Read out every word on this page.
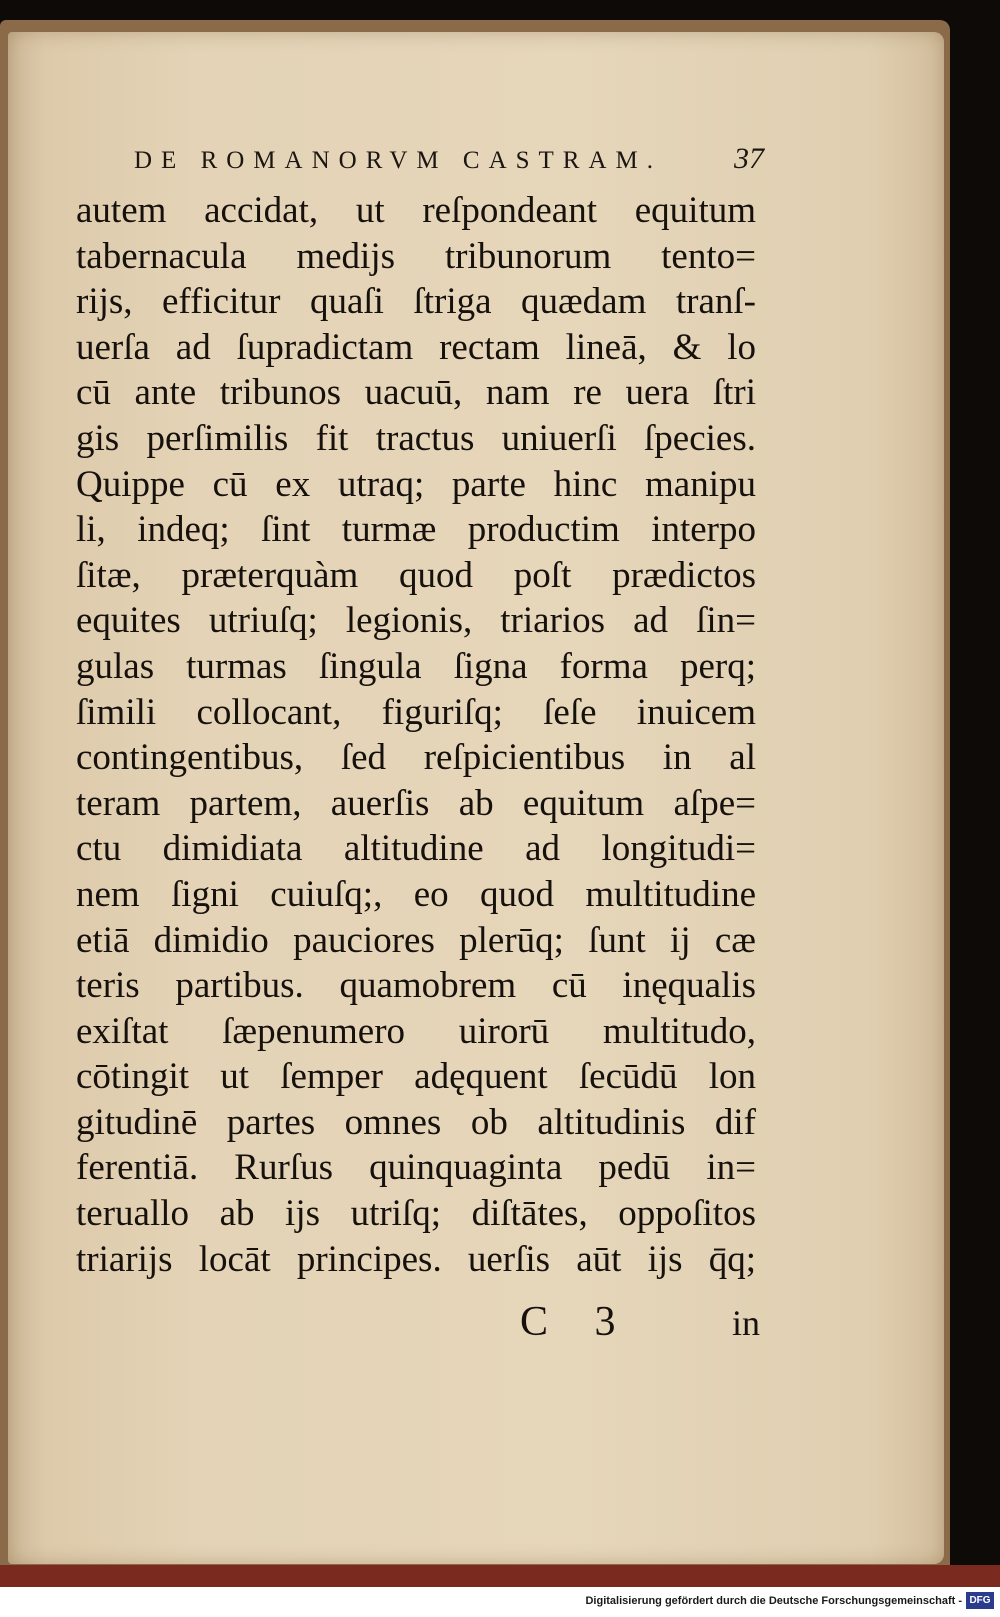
DE ROMANORVM CASTRAM. 37
autem accidat, ut reſpondeant equitum
tabernacula medijs tribunorum tento=
rijs, efficitur quaſi ſtriga quædam tranſ-
uerſa ad ſupradictam rectam lineā, & lo
cū ante tribunos uacuū, nam re uera ſtri
gis perſimilis fit tractus uniuerſi ſpecies.
Quippe cū ex utraq; parte hinc manipu
li, indeq; ſint turmæ productim interpo
ſitæ, præterquàm quod poſt prædictos
equites utriuſq; legionis, triarios ad ſin=
gulas turmas ſingula ſigna forma perq;
ſimili collocant, figuriſq; ſeſe inuicem
contingentibus, ſed reſpicientibus in al
teram partem, auerſis ab equitum aſpe=
ctu dimidiata altitudine ad longitudi=
nem ſigni cuiuſq;, eo quod multitudine
etiā dimidio pauciores plerūq; ſunt ij cæ
teris partibus. quamobrem cū inęqualis
exiſtat ſæpenumero uirorū multitudo,
cōtingit ut ſemper adęquent ſecūdū lon
gitudinē partes omnes ob altitudinis dif
ferentiā. Rurſus quinquaginta pedū in=
teruallo ab ijs utriſq; diſtātes, oppoſitos
triarijs locāt principes. uerſis aūt ijs q̄q;
C 3	in
Digitalisierung gefördert durch die Deutsche Forschungsgemeinschaft - DFG
